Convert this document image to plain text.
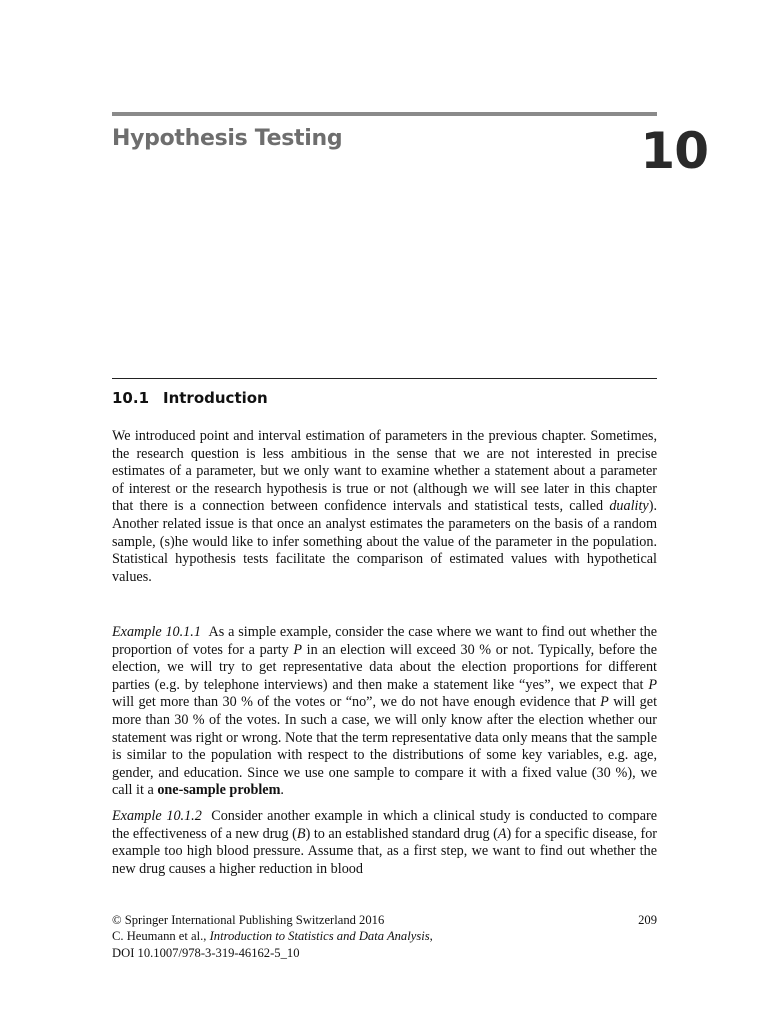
Hypothesis Testing	10
10.1 Introduction

We introduced point and interval estimation of parameters in the previous chapter. Sometimes, the research question is less ambitious in the sense that we are not interested in precise estimates of a parameter, but we only want to examine whether a statement about a parameter of interest or the research hypothesis is true or not (although we will see later in this chapter that there is a connection between confidence intervals and statistical tests, called duality). Another related issue is that once an analyst estimates the parameters on the basis of a random sample, (s)he would like to infer something about the value of the parameter in the population. Statistical hypothesis tests facilitate the comparison of estimated values with hypothetical values.

Example 10.1.1 As a simple example, consider the case where we want to find out whether the proportion of votes for a party P in an election will exceed 30 % or not. Typically, before the election, we will try to get representative data about the election proportions for different parties (e.g. by telephone interviews) and then make a statement like “yes”, we expect that P will get more than 30 % of the votes or “no”, we do not have enough evidence that P will get more than 30 % of the votes. In such a case, we will only know after the election whether our statement was right or wrong. Note that the term representative data only means that the sample is similar to the population with respect to the distributions of some key variables, e.g. age, gender, and education. Since we use one sample to compare it with a fixed value (30 %), we call it a one-sample problem.

Example 10.1.2 Consider another example in which a clinical study is conducted to compare the effectiveness of a new drug (B) to an established standard drug (A) for a specific disease, for example too high blood pressure. Assume that, as a first step, we want to find out whether the new drug causes a higher reduction in blood

© Springer International Publishing Switzerland 2016	209
C. Heumann et al., Introduction to Statistics and Data Analysis,
DOI 10.1007/978-3-319-46162-5_10
